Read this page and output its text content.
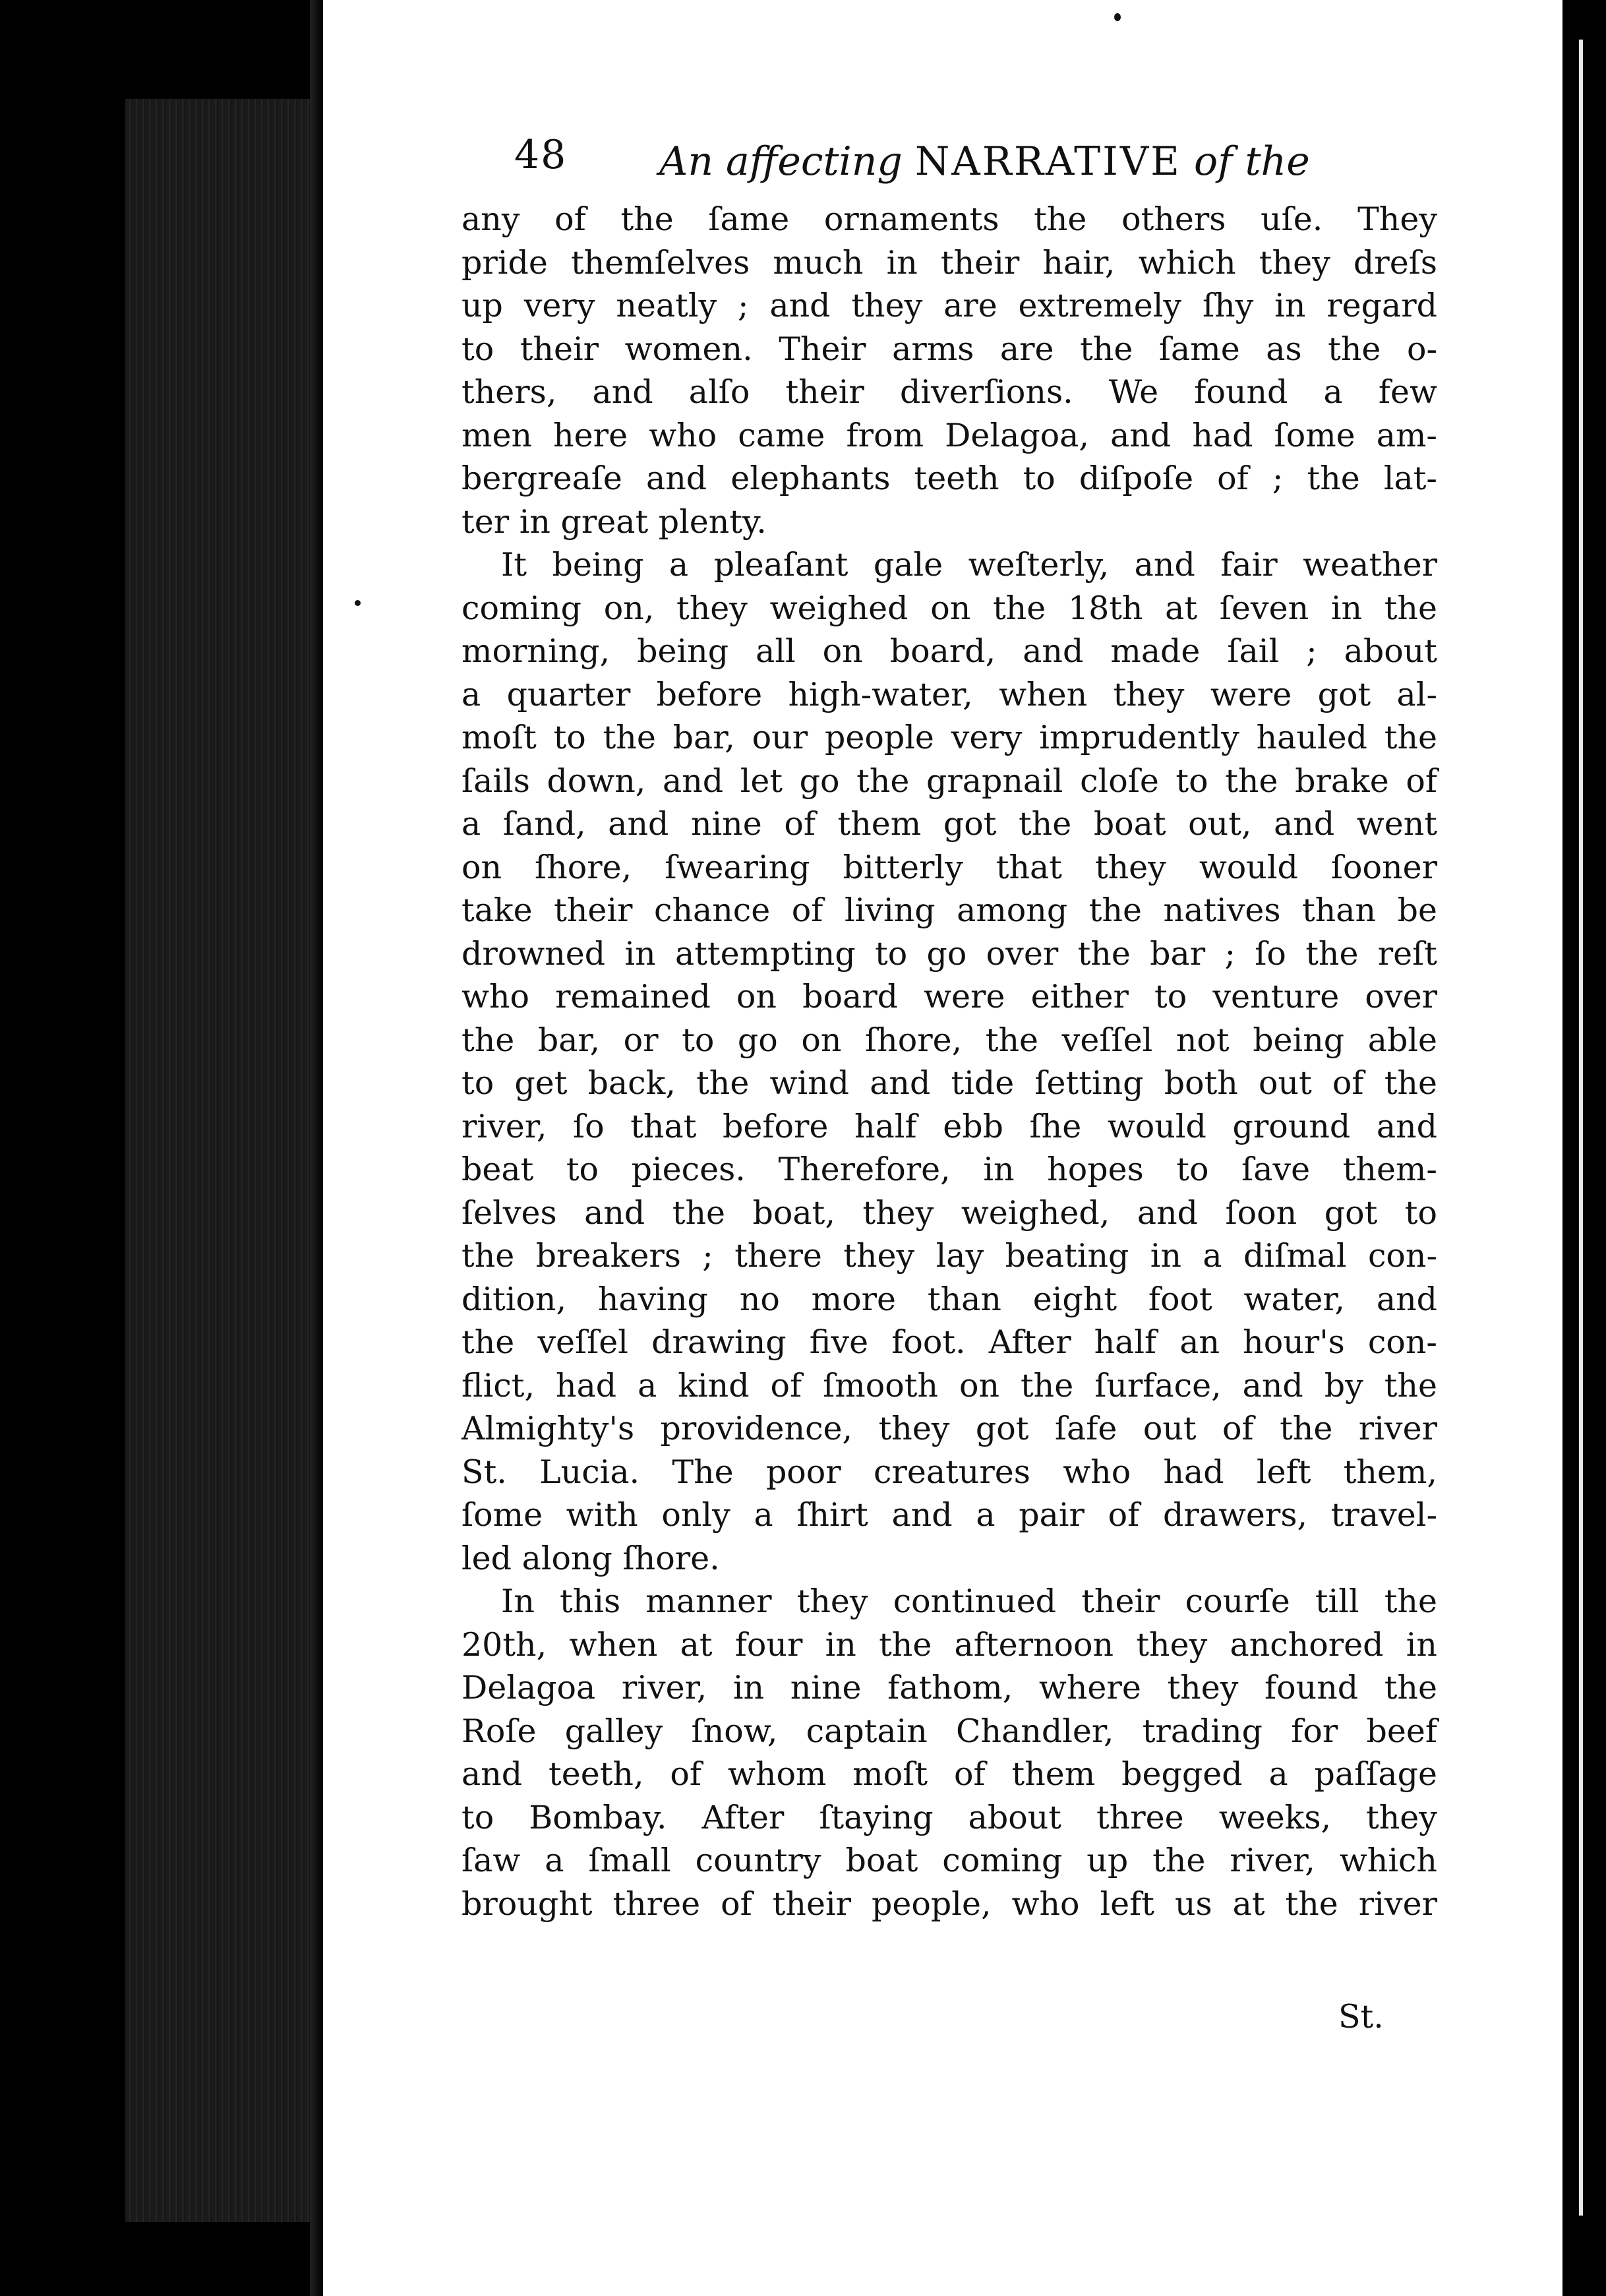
48 An affecting NARRATIVE of the
any of the ſame ornaments the others uſe. They
pride themſelves much in their hair, which they dreſs
up very neatly ; and they are extremely ſhy in regard
to their women. Their arms are the ſame as the o-
thers, and alſo their diverſions. We found a few
men here who came from Delagoa, and had ſome am-
bergreaſe and elephants teeth to diſpoſe of ; the lat-
ter in great plenty.
It being a pleaſant gale weſterly, and fair weather
coming on, they weighed on the 18th at ſeven in the
morning, being all on board, and made ſail ; about
a quarter before high-water, when they were got al-
moſt to the bar, our people very imprudently hauled the
ſails down, and let go the grapnail cloſe to the brake of
a ſand, and nine of them got the boat out, and went
on ſhore, ſwearing bitterly that they would ſooner
take their chance of living among the natives than be
drowned in attempting to go over the bar ; ſo the reſt
who remained on board were either to venture over
the bar, or to go on ſhore, the veſſel not being able
to get back, the wind and tide ſetting both out of the
river, ſo that before half ebb ſhe would ground and
beat to pieces. Therefore, in hopes to ſave them-
ſelves and the boat, they weighed, and ſoon got to
the breakers ; there they lay beating in a diſmal con-
dition, having no more than eight foot water, and
the veſſel drawing five foot. After half an hour's con-
flict, had a kind of ſmooth on the ſurface, and by the
Almighty's providence, they got ſafe out of the river
St. Lucia. The poor creatures who had left them,
ſome with only a ſhirt and a pair of drawers, travel-
led along ſhore.
In this manner they continued their courſe till the
20th, when at four in the afternoon they anchored in
Delagoa river, in nine fathom, where they found the
Roſe galley ſnow, captain Chandler, trading for beef
and teeth, of whom moſt of them begged a paſſage
to Bombay. After ſtaying about three weeks, they
ſaw a ſmall country boat coming up the river, which
brought three of their people, who left us at the river
St.
